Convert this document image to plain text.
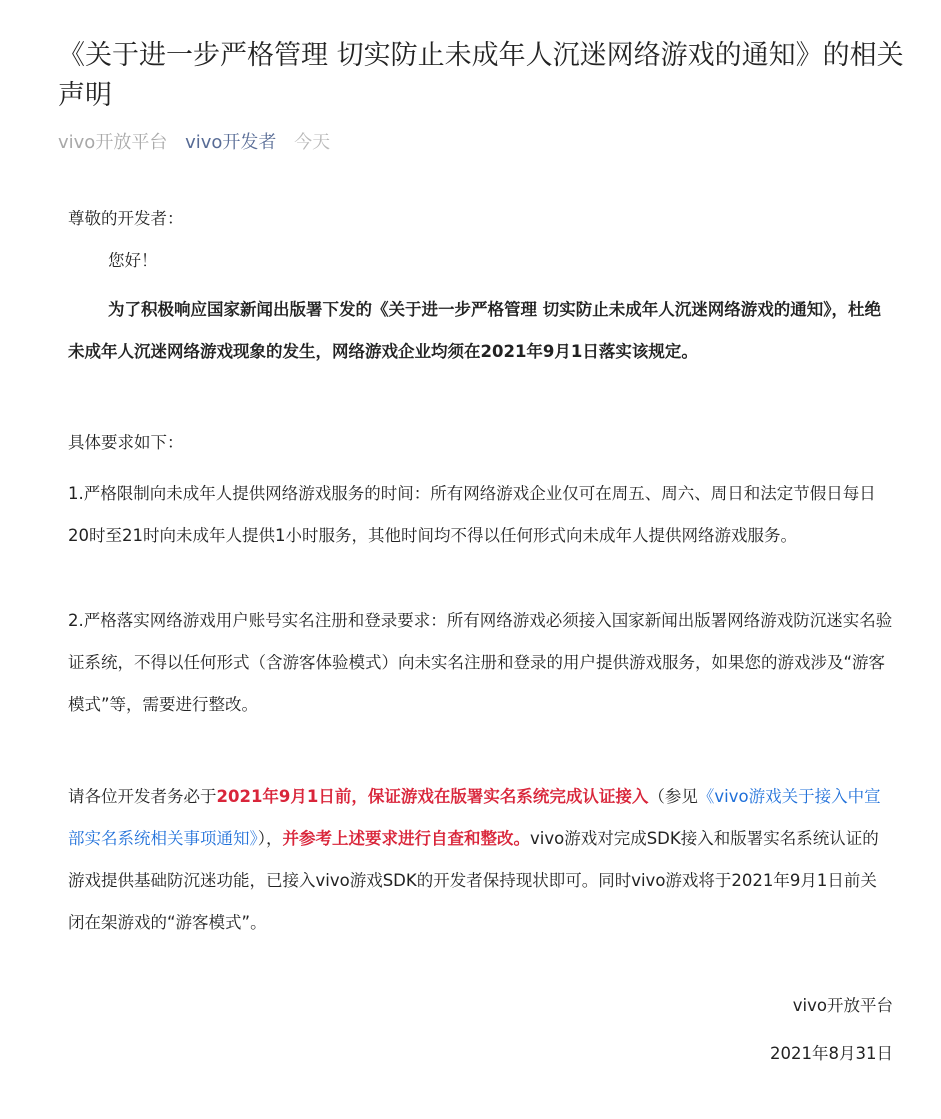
《关于进一步严格管理 切实防止未成年人沉迷网络游戏的通知》的相关声明
vivo开放平台 vivo开发者 今天

尊敬的开发者：

您好！

为了积极响应国家新闻出版署下发的《关于进一步严格管理 切实防止未成年人沉迷网络游戏的通知》，杜绝未成年人沉迷网络游戏现象的发生，网络游戏企业均须在2021年9月1日落实该规定。

具体要求如下：

1.严格限制向未成年人提供网络游戏服务的时间：所有网络游戏企业仅可在周五、周六、周日和法定节假日每日20时至21时向未成年人提供1小时服务，其他时间均不得以任何形式向未成年人提供网络游戏服务。

2.严格落实网络游戏用户账号实名注册和登录要求：所有网络游戏必须接入国家新闻出版署网络游戏防沉迷实名验证系统，不得以任何形式（含游客体验模式）向未实名注册和登录的用户提供游戏服务，如果您的游戏涉及“游客模式”等，需要进行整改。

请各位开发者务必于2021年9月1日前，保证游戏在版署实名系统完成认证接入（参见《vivo游戏关于接入中宣部实名系统相关事项通知》），并参考上述要求进行自查和整改。vivo游戏对完成SDK接入和版署实名系统认证的游戏提供基础防沉迷功能，已接入vivo游戏SDK的开发者保持现状即可。同时vivo游戏将于2021年9月1日前关闭在架游戏的“游客模式”。

vivo开放平台

2021年8月31日
